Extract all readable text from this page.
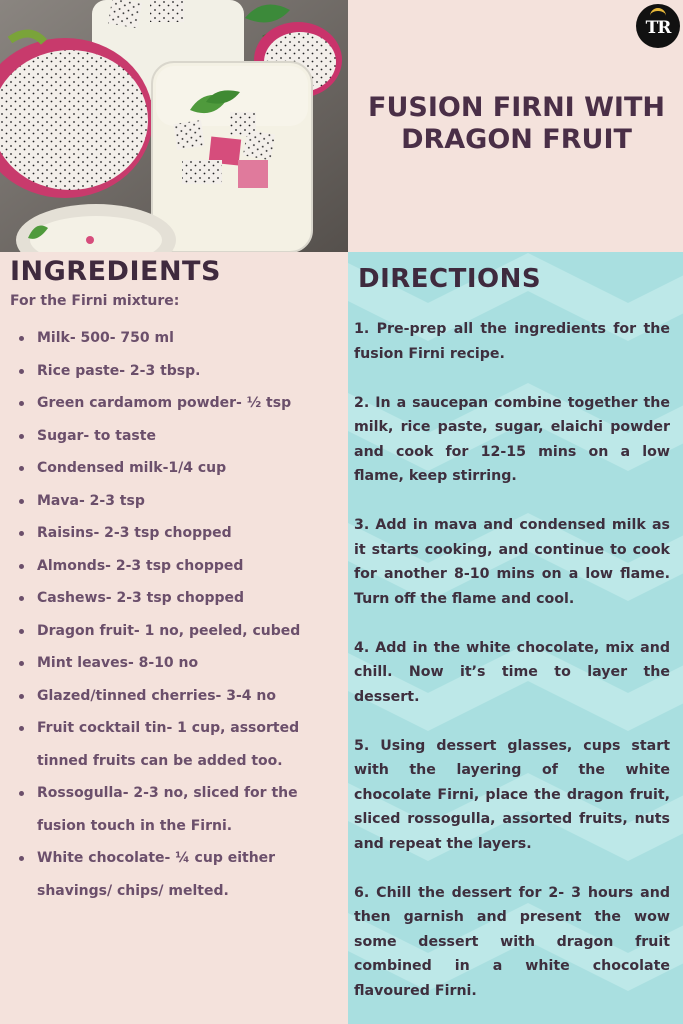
TR
FUSION FIRNI WITH DRAGON FRUIT
INGREDIENTS
For the Firni mixture:
Milk- 500- 750 ml
Rice paste- 2-3 tbsp.
Green cardamom powder- ½ tsp
Sugar- to taste
Condensed milk-1/4 cup
Mava- 2-3 tsp
Raisins- 2-3 tsp chopped
Almonds- 2-3 tsp chopped
Cashews- 2-3 tsp chopped
Dragon fruit- 1 no, peeled, cubed
Mint leaves- 8-10 no
Glazed/tinned cherries- 3-4 no
Fruit cocktail tin- 1 cup, assorted tinned fruits can be added too.
Rossogulla- 2-3 no, sliced for the fusion touch in the Firni.
White chocolate- ¼ cup either shavings/ chips/ melted.
DIRECTIONS

1. Pre-prep all the ingredients for the fusion Firni recipe.

2. In a saucepan combine together the milk, rice paste, sugar, elaichi powder and cook for 12-15 mins on a low flame, keep stirring.

3. Add in mava and condensed milk as it starts cooking, and continue to cook for another 8-10 mins on a low flame. Turn off the flame and cool.

4. Add in the white chocolate, mix and chill. Now it’s time to layer the dessert.

5. Using dessert glasses, cups start with the layering of the white chocolate Firni, place the dragon fruit, sliced rossogulla, assorted fruits, nuts and repeat the layers.

6. Chill the dessert for 2- 3 hours and then garnish and present the wow some dessert with dragon fruit combined in a white chocolate flavoured Firni.
